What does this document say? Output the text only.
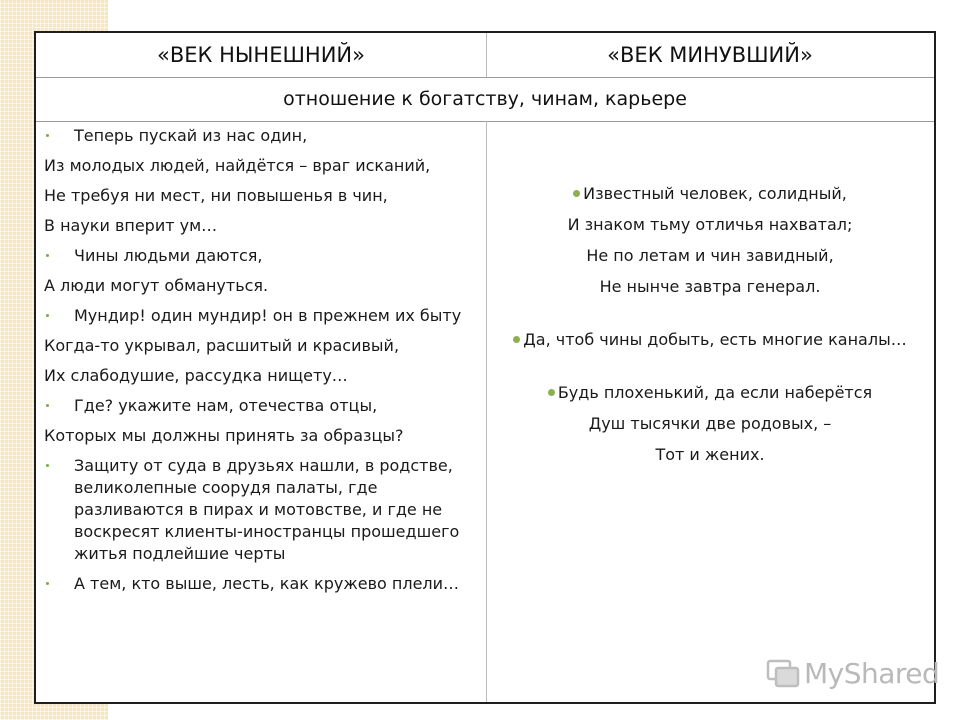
«ВЕК НЫНЕШНИЙ»	«ВЕК МИНУВШИЙ»
отношение к богатству, чинам, карьере
Теперь пускай из нас один,
Из молодых людей, найдётся – враг исканий,
Не требуя ни мест, ни повышенья в чин,
В науки вперит ум…
Чины людьми даются,
А люди могут обмануться.
Мундир! один мундир! он в прежнем их быту
Когда-то укрывал, расшитый и красивый,
Их слабодушие, рассудка нищету…
Где? укажите нам, отечества отцы,
Которых мы должны принять за образцы?
Защиту от суда в друзьях нашли, в родстве, великолепные соорудя палаты, где разливаются в пирах и мотовстве, и где не воскресят клиенты-иностранцы прошедшего житья подлейшие черты
А тем, кто выше, лесть, как кружево плели…
Известный человек, солидный,
И знаком тьму отличья нахватал;
Не по летам и чин завидный,
Не нынче завтра генерал.
Да, чтоб чины добыть, есть многие каналы…
Будь плохенький, да если наберётся
Душ тысячки две родовых, –
Тот и жених.
MyShared
